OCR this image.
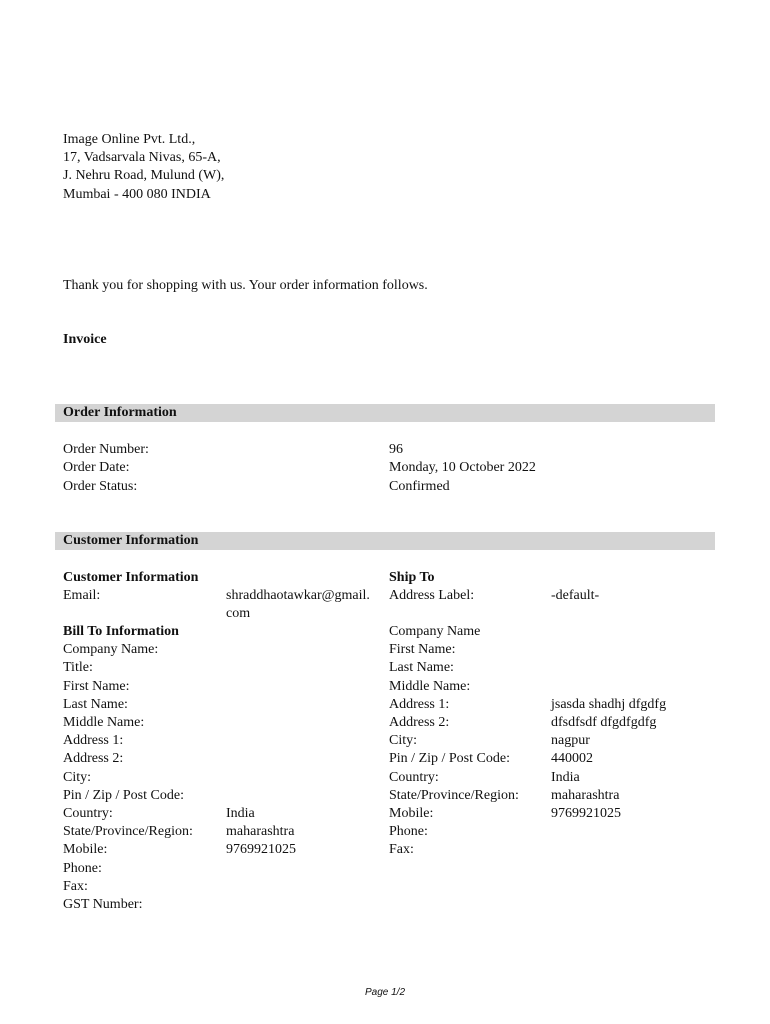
Image Online Pvt. Ltd.,
17, Vadsarvala Nivas, 65-A,
J. Nehru Road, Mulund (W),
Mumbai - 400 080 INDIA
Thank you for shopping with us. Your order information follows.
Invoice
Order Information
Order Number:	96
Order Date:	Monday, 10 October 2022
Order Status:	Confirmed
Customer Information
Customer Information
Email:	shraddhaotawkar@gmail.
com
Bill To Information
Company Name:
Title:
First Name:
Last Name:
Middle Name:
Address 1:
Address 2:
City:
Pin / Zip / Post Code:
Country:	India
State/Province/Region: maharashtra
Mobile:	9769921025
Phone:
Fax:
GST Number:
Ship To
Address Label:	-default-
Company Name
First Name:
Last Name:
Middle Name:
Address 1:	jsasda shadhj dfgdfg
Address 2:	dfsdfsdf dfgdfgdfg
City:	nagpur
Pin / Zip / Post Code:	440002
Country:	India
State/Province/Region: maharashtra
Mobile:	9769921025
Phone:
Fax:
Page 1/2
